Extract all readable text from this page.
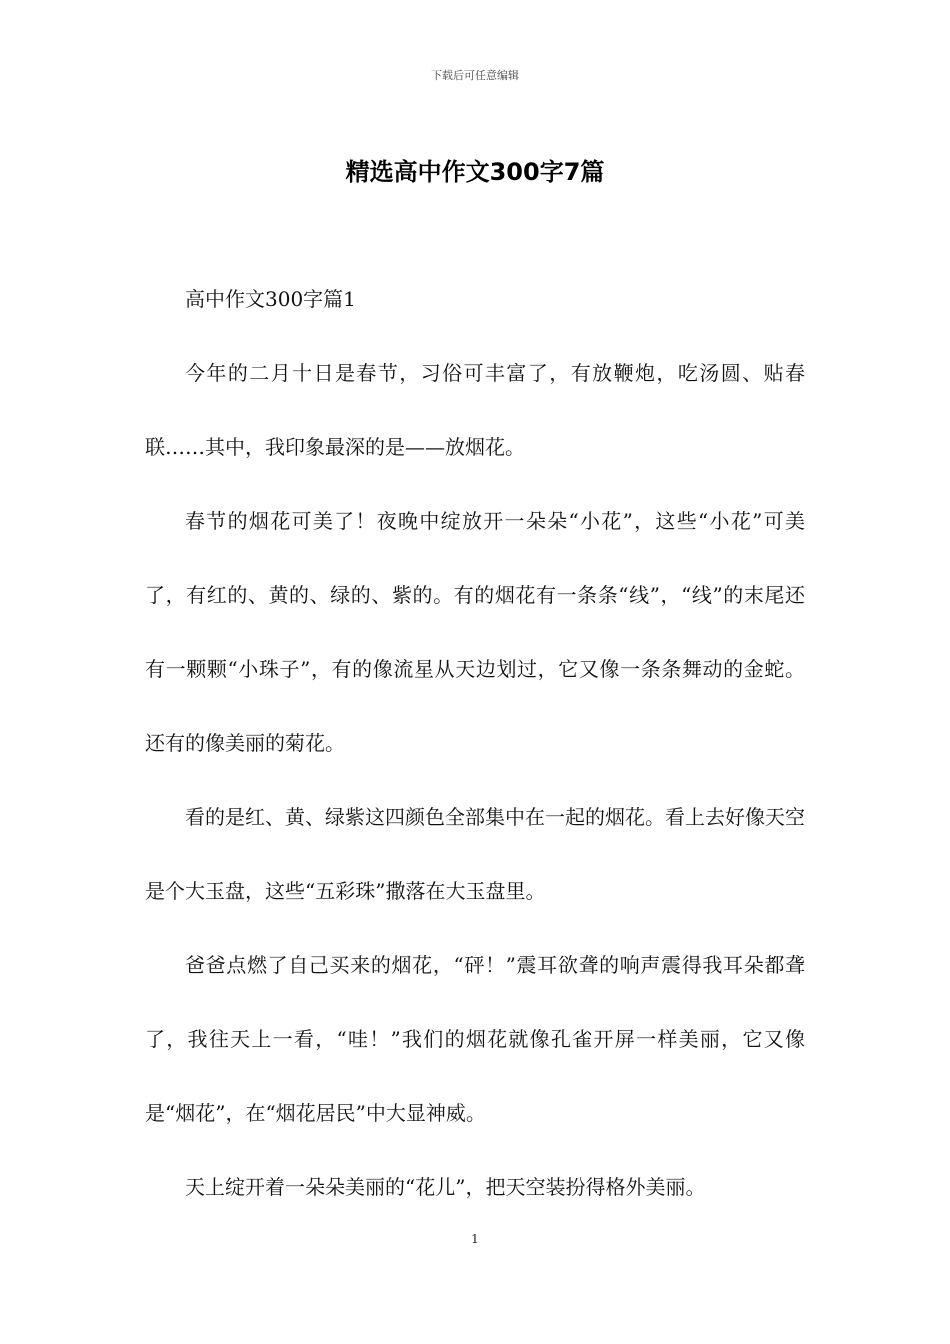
下载后可任意编辑
精选高中作文300字7篇

高中作文300字篇1

今年的二月十日是春节，习俗可丰富了，有放鞭炮，吃汤圆、贴春联……其中，我印象最深的是——放烟花。

春节的烟花可美了！夜晚中绽放开一朵朵“小花”，这些“小花”可美了，有红的、黄的、绿的、紫的。有的烟花有一条条“线”，“线”的末尾还有一颗颗“小珠子”，有的像流星从天边划过，它又像一条条舞动的金蛇。还有的像美丽的菊花。

看的是红、黄、绿紫这四颜色全部集中在一起的烟花。看上去好像天空是个大玉盘，这些“五彩珠”撒落在大玉盘里。

爸爸点燃了自己买来的烟花，“砰！”震耳欲聋的响声震得我耳朵都聋了，我往天上一看，“哇！”我们的烟花就像孔雀开屏一样美丽，它又像是“烟花”，在“烟花居民”中大显神威。

天上绽开着一朵朵美丽的“花儿”，把天空装扮得格外美丽。

1
